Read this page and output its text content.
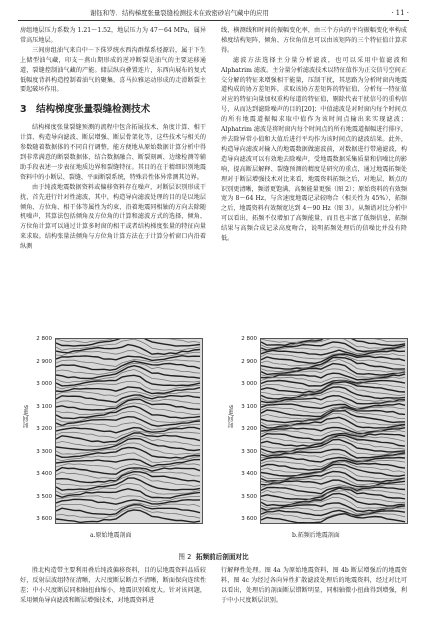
谢钰和等．结构梯度张量裂缝检测技术在致密砂岩气藏中的应用	· 11 ·

房组地层压力系数为 1.21～1.52，地层压力为 47～64 MPa，属异常高压地层。

三间房组油气来自中－下侏罗统水西沟群煤系烃源岩，属于下生上储型油气藏，印支－燕山期形成的逆冲断裂是油气的主要运移通道，裂缝控制油气藏的产能。储层纵向叠置连片，东西向展布的复式低幅度背斜构造控制着油气的聚集，喜马拉雅运动形成的走滑断裂主要起破坏作用。

3　结构梯度张量裂缝检测技术

结构梯度张量裂缝预测的流程中包含拓展技术、角度计算、相干计算、构造导向滤波、断层增强、断层骨架化等，这些技术与相关的参数随着数据体的不同自行调整，能方便地从原始数据计算分析中得到非常满意的断裂数据体，结合数据融合、断裂刻画、边缘检测等辅助手段表述一步表征地质边界和裂缝特征。其目的在于精细识别地震资料中的小断层、裂缝、平面断裂系统，特殊岩性体异常测其边界。

由于纯波地震数据资料或偏移资料存在噪声，对断层识别形成干扰，首先进行针对性滤波，其中，构造导向滤波处理的目的是以地层倾角、方位角、相干体等属性为约束，沿着地震同相轴的方向去除随机噪声，其算法包括倾角及方位角的计算和滤波方式的选择，倾角、方位角计算可以通过计算多时窗的相干或者结构梯度张量的特征向量来求取。结构张量法倾角与方位角计算方法在于计算分析窗口内沿着纵测

线、横测线和时间的振幅变化率，由三个方向的平均振幅变化率构成梯度结构矩阵，倾角、方位角信息可以由该矩阵的三个特征值计算求得。

滤波方法选择主分量分析滤波，也可以采用中值滤波和 Alphatrim 滤波。主分量分析滤波技术以特征值作为正交信号空间正交分解的特征来增强相干能量，压制干扰，其思路为分析时窗内地震道构成的协方差矩阵，求取该协方差矩阵的特征值，分析每一特征值对应的特征向量加权重构每道的特征值，剔除代表干扰信号的重构信号，从而达到滤除噪声的目的[20]；中值滤波是对时窗内每个时间点的所有地震道振幅求取中值作为该时间点输出来实现滤波；Alphatrim 滤波是将时窗内每个时间点的所有地震道振幅进行排序，并去除异常小值和大值后进行平均作为该时间点的滤波结果。此外，构造导向滤波对输入的地震数据做滤波前，对数据进行带通滤波，构造导向滤波可以有效地去除噪声，受地震数据采集质量和信噪比的影响，提高断层解释、裂缝预测的精度是研究的重点，通过地震拓频处理对于断层增强技术对比来看，地震资料拓频之后，对地层、断点的识别更清晰，频谱更饱满，高频能量更强（图 2）；原始资料的有效频宽为 8～64 Hz，与含速度地震记录较吻合（相关性为 45%），拓频之后，地震资料有效频宽达到 4～90 Hz（图 3）。从频谱对比分析中可以看出，拓频不仅增加了高频能量，而且也丰富了低频信息，拓频结果与高频合成记录高度吻合，说明拓频处理后的信噪比并没有降低。

时间/ms
2 800
2 900
3 000
3 100
3 200
3 300
3 400
3 500
3 600
时间/ms
2 800
2 900
3 000
3 100
3 200
3 300
3 400
3 500
3 600
a.原始地震剖面	b.拓频后地震剖面
图 2 拓频前后剖面对比

胜北构造带主要利用叠后纯波偏移资料，目的层地震资料品质较好，反射层波组特征清晰，大尺度断层断点不清晰，断面保向连续性差；中小尺度断层同相轴扭曲缩小，地震识别难度大。针对该问题，采用倾角导向滤波和断层增强技术，对地震资料进

行解释性处理。图 4a 为原始地震资料，图 4b 断层增强后的地震资料，图 4c 为经过各向异性扩散滤波处理后的地震资料，经过对比可以看出，处理后的剖面断层错断明显，同相轴微小扭曲得到增强，利于中小尺度断层识别。
